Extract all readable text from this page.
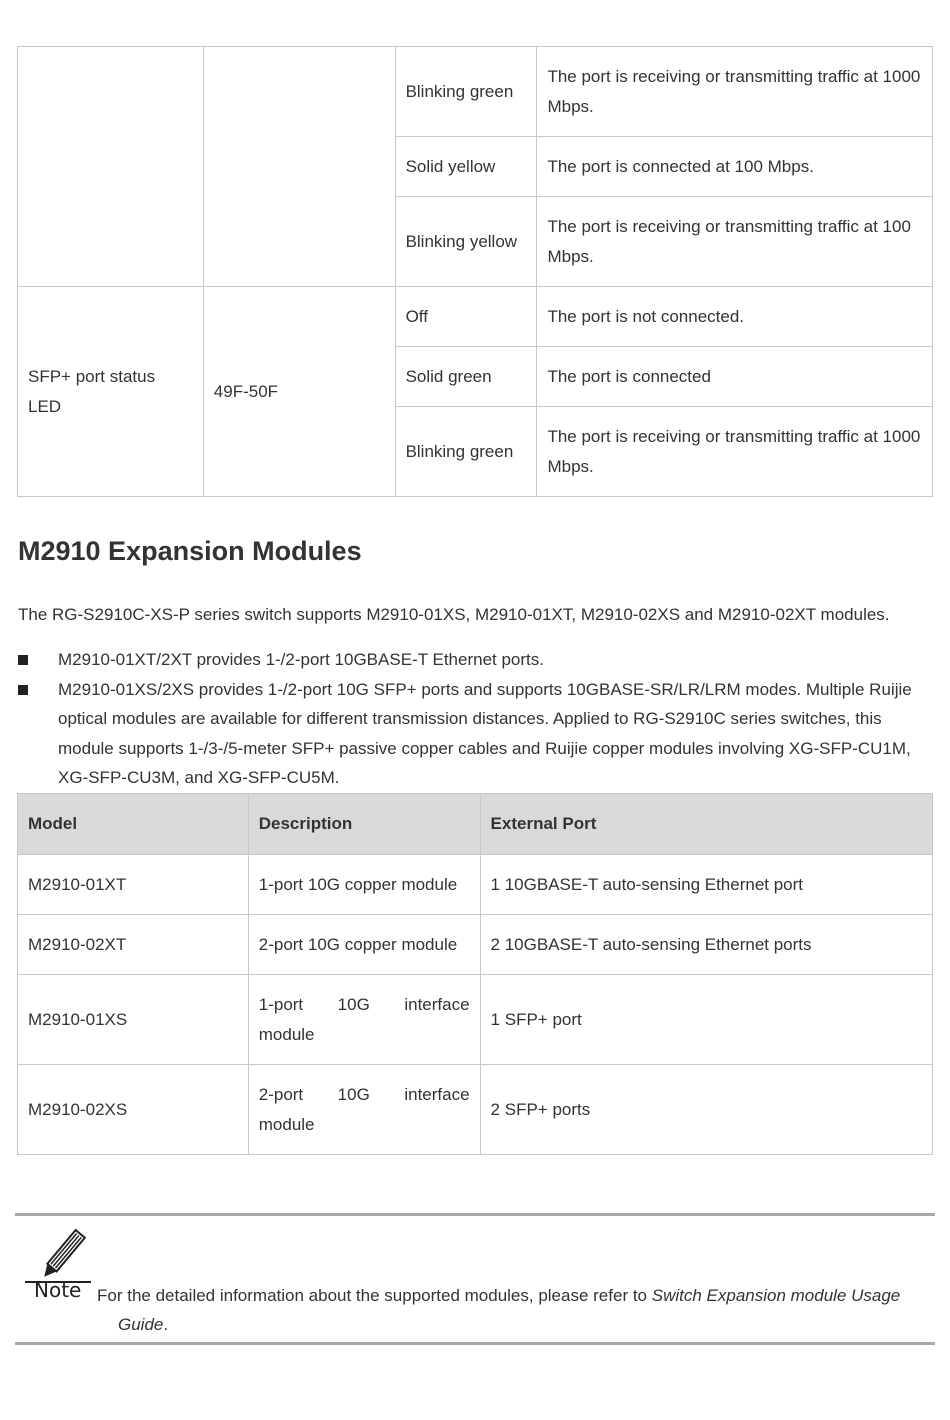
		Blinking green	The port is receiving or transmitting traffic at 1000 Mbps.
		Solid yellow	The port is connected at 100 Mbps.
		Blinking yellow	The port is receiving or transmitting traffic at 100 Mbps.
SFP+ port status LED	49F-50F	Off	The port is not connected.
		Solid green	The port is connected
		Blinking green	The port is receiving or transmitting traffic at 1000 Mbps.
M2910 Expansion Modules

The RG-S2910C-XS-P series switch supports M2910-01XS, M2910-01XT, M2910-02XS and M2910-02XT modules.

M2910-01XT/2XT provides 1-/2-port 10GBASE-T Ethernet ports.
M2910-01XS/2XS provides 1-/2-port 10G SFP+ ports and supports 10GBASE-SR/LR/LRM modes. Multiple Ruijie optical modules are available for different transmission distances. Applied to RG-S2910C series switches, this module supports 1-/3-/5-meter SFP+ passive copper cables and Ruijie copper modules involving XG-SFP-CU1M, XG-SFP-CU3M, and XG-SFP-CU5M.
Model	Description	External Port
M2910-01XT	1-port 10G copper module	1 10GBASE-T auto-sensing Ethernet port
M2910-02XT	2-port 10G copper module	2 10GBASE-T auto-sensing Ethernet ports
M2910-01XS	1-port 10G interface module	1 SFP+ port
M2910-02XS	2-port 10G interface module	2 SFP+ ports
Note For the detailed information about the supported modules, please refer to Switch Expansion module Usage
Guide.
